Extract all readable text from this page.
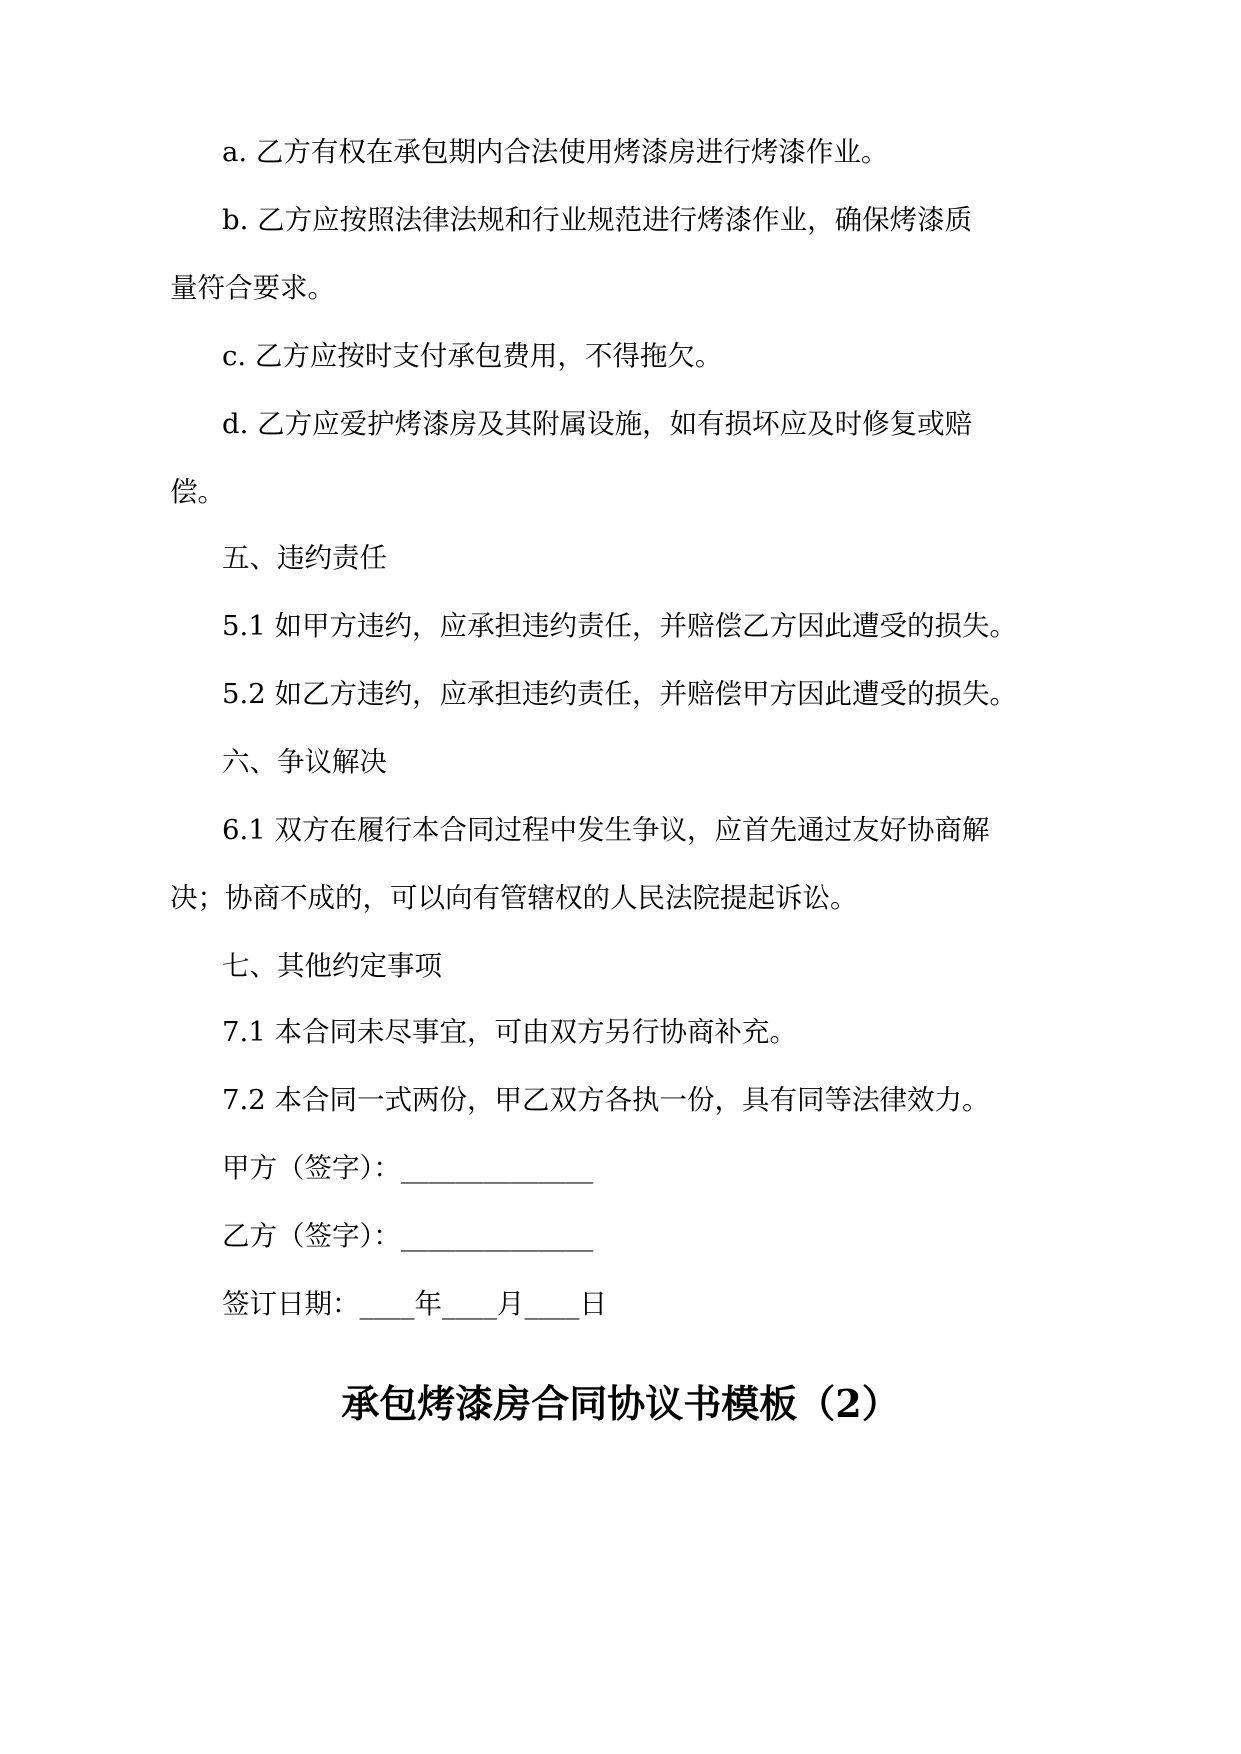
a. 乙方有权在承包期内合法使用烤漆房进行烤漆作业。
b. 乙方应按照法律法规和行业规范进行烤漆作业，确保烤漆质
量符合要求。
c. 乙方应按时支付承包费用，不得拖欠。
d. 乙方应爱护烤漆房及其附属设施，如有损坏应及时修复或赔
偿。
五、违约责任
5.1 如甲方违约，应承担违约责任，并赔偿乙方因此遭受的损失。
5.2 如乙方违约，应承担违约责任，并赔偿甲方因此遭受的损失。
六、争议解决
6.1 双方在履行本合同过程中发生争议，应首先通过友好协商解
决；协商不成的，可以向有管辖权的人民法院提起诉讼。
七、其他约定事项
7.1 本合同未尽事宜，可由双方另行协商补充。
7.2 本合同一式两份，甲乙双方各执一份，具有同等法律效力。
甲方（签字）：______________
乙方（签字）：______________
签订日期：____年____月____日
承包烤漆房合同协议书模板（2）
